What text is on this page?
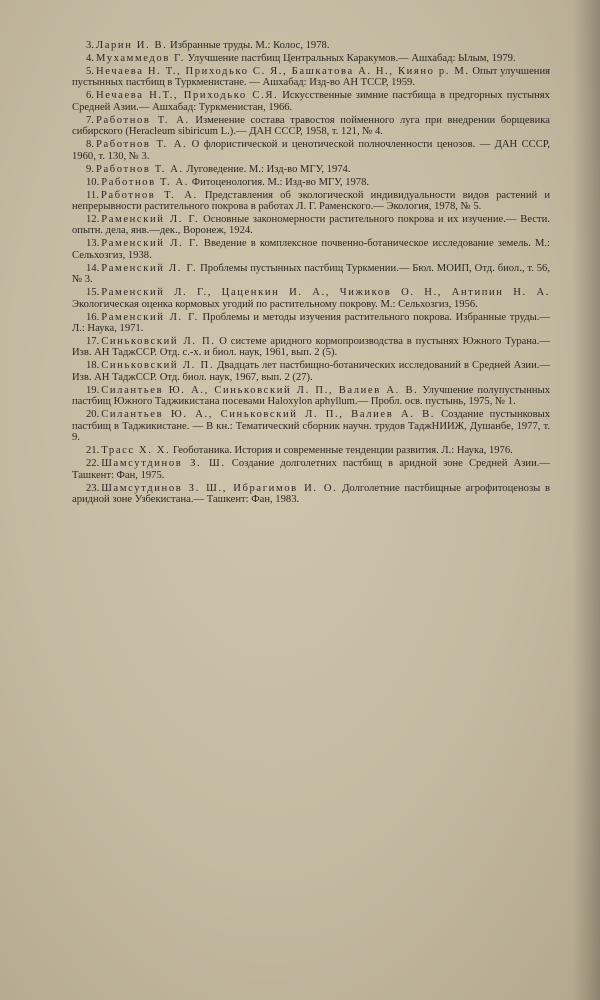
3. Ларин И. В. Избранные труды. М.: Колос, 1978.
4. Мухаммедов Г. Улучшение пастбищ Центральных Каракумов.— Ашхабад: Ылым, 1979.
5. Нечаева Н. Т., Приходько С. Я., Башкатова А. Н., Кияно р. М. Опыт улучшения пустынных пастбищ в Туркменистане. — Ашхабад: Изд-во АН ТССР, 1959.
6. Нечаева Н.Т., Приходько С.Я. Искусственные зимние пастбища в предгорных пустынях Средней Азии.— Ашхабад: Туркменистан, 1966.
7. Работнов Т. А. Изменение состава травостоя пойменного луга при внедрении борщевика сибирского (Heracleum sibiricum L.).— ДАН СССР, 1958, т. 121, № 4.
8. Работнов Т. А. О флористической и ценотической полночленности ценозов. — ДАН СССР, 1960, т. 130, № 3.
9. Работнов Т. А. Луговедение. М.: Изд-во МГУ, 1974.
10. Работнов Т. А. Фитоценология. М.: Изд-во МГУ, 1978.
11. Работнов Т. А. Представления об экологической индивидуальности видов растений и непрерывности растительного покрова в работах Л. Г. Раменского.— Экология, 1978, № 5.
12. Раменский Л. Г. Основные закономерности растительного покрова и их изучение.— Вести. опытн. дела, янв.—дек., Воронеж, 1924.
13. Раменский Л. Г. Введение в комплексное почвенно-ботаническое исследование земель. М.: Сельхозгиз, 1938.
14. Раменский Л. Г. Проблемы пустынных пастбищ Туркмении.— Бюл. МОИП, Отд. биол., т. 56, № 3.
15. Раменский Л. Г., Цаценкин И. А., Чижиков О. Н., Антипин Н. А. Экологическая оценка кормовых угодий по растительному покрову. М.: Сельхозгиз, 1956.
16. Раменский Л. Г. Проблемы и методы изучения растительного покрова. Избранные труды.— Л.: Наука, 1971.
17. Синьковский Л. П. О системе аридного кормопроизводства в пустынях Южного Турана.— Изв. АН ТаджССР. Отд. с.-х. и биол. наук, 1961, вып. 2 (5).
18. Синьковский Л. П. Двадцать лет пастбищно-ботанических исследований в Средней Азии.— Изв. АН ТаджССР. Отд. биол. наук, 1967, вып. 2 (27).
19. Силантьев Ю. А., Синьковский Л. П., Валиев А. В. Улучшение полупустынных пастбищ Южного Таджикистана посевами Haloxylon aphyllum.— Пробл. осв. пустынь, 1975, № 1.
20. Силантьев Ю. А., Синьковский Л. П., Валиев А. В. Создание пустынковых пастбищ в Таджикистане. — В кн.: Тематический сборник научн. трудов ТаджНИИЖ, Душанбе, 1977, т. 9.
21. Трасс Х. Х. Геоботаника. История и современные тенденции развития. Л.: Наука, 1976.
22. Шамсутдинов З. Ш. Создание долголетних пастбищ в аридной зоне Средней Азии.— Ташкент: Фан, 1975.
23. Шамсутдинов З. Ш., Ибрагимов И. О. Долголетние пастбищные агрофитоценозы в аридной зоне Узбекистана.— Ташкент: Фан, 1983.
